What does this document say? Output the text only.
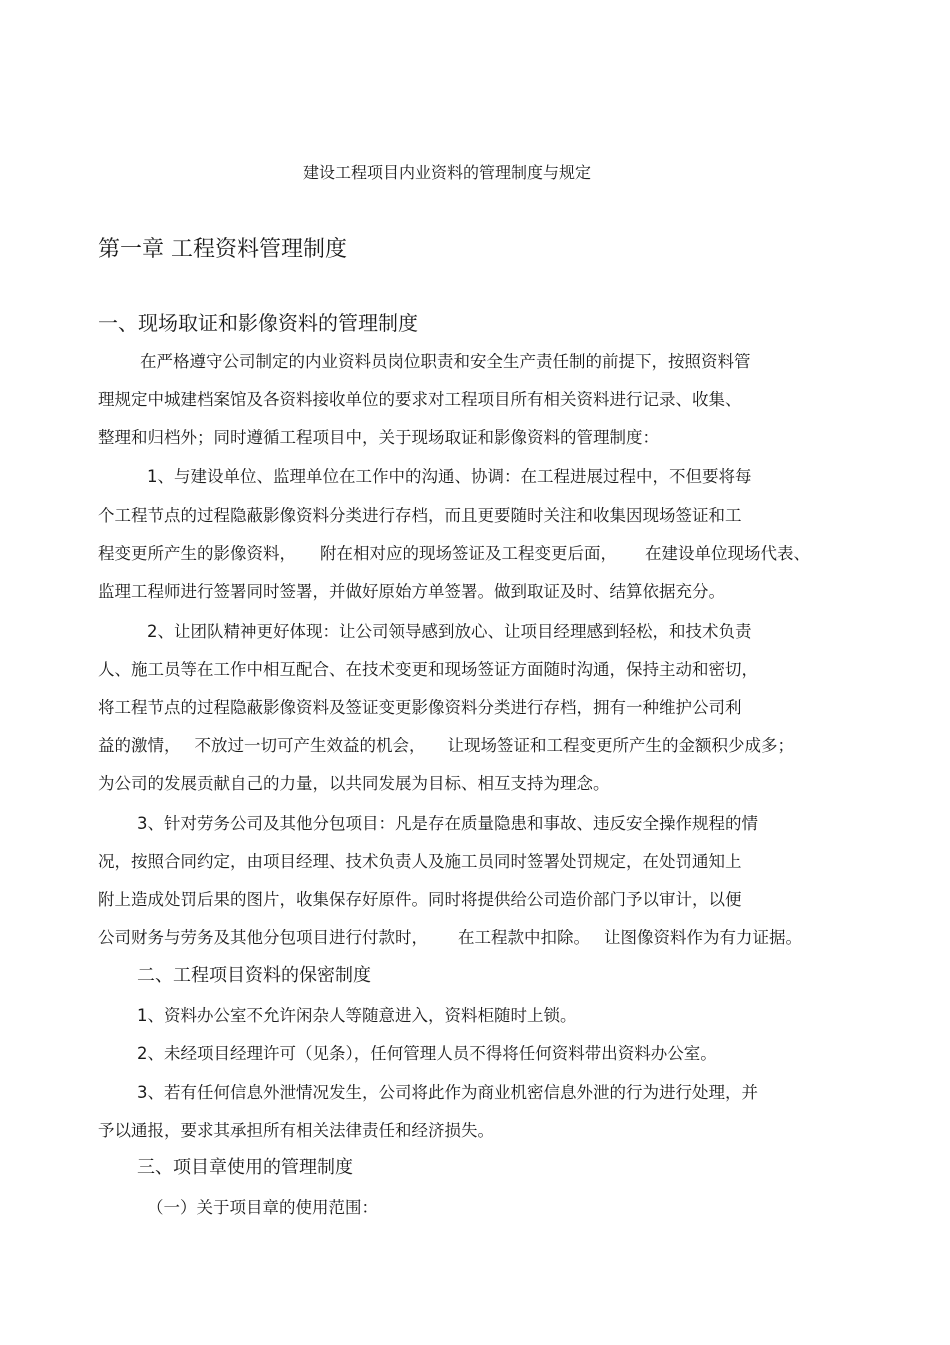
建设工程项目内业资料的管理制度与规定
第一章 工程资料管理制度
一、现场取证和影像资料的管理制度
在严格遵守公司制定的内业资料员岗位职责和安全生产责任制的前提下，按照资料管
理规定中城建档案馆及各资料接收单位的要求对工程项目所有相关资料进行记录、收集、
整理和归档外；同时遵循工程项目中，关于现场取证和影像资料的管理制度：
1、与建设单位、监理单位在工作中的沟通、协调：在工程进展过程中，不但要将每
个工程节点的过程隐蔽影像资料分类进行存档，而且更要随时关注和收集因现场签证和工
程变更所产生的影像资料， 附在相对应的现场签证及工程变更后面， 在建设单位现场代表、
监理工程师进行签署同时签署，并做好原始方单签署。做到取证及时、结算依据充分。
2、让团队精神更好体现：让公司领导感到放心、让项目经理感到轻松，和技术负责
人、施工员等在工作中相互配合、在技术变更和现场签证方面随时沟通，保持主动和密切，
将工程节点的过程隐蔽影像资料及签证变更影像资料分类进行存档，拥有一种维护公司利
益的激情， 不放过一切可产生效益的机会， 让现场签证和工程变更所产生的金额积少成多；
为公司的发展贡献自己的力量，以共同发展为目标、相互支持为理念。
3、针对劳务公司及其他分包项目：凡是存在质量隐患和事故、违反安全操作规程的情
况，按照合同约定，由项目经理、技术负责人及施工员同时签署处罚规定，在处罚通知上
附上造成处罚后果的图片，收集保存好原件。同时将提供给公司造价部门予以审计，以便
公司财务与劳务及其他分包项目进行付款时， 在工程款中扣除。 让图像资料作为有力证据。
二、工程项目资料的保密制度
1、资料办公室不允许闲杂人等随意进入，资料柜随时上锁。
2、未经项目经理许可（见条），任何管理人员不得将任何资料带出资料办公室。
3、若有任何信息外泄情况发生，公司将此作为商业机密信息外泄的行为进行处理，并
予以通报，要求其承担所有相关法律责任和经济损失。
三、项目章使用的管理制度
（一）关于项目章的使用范围：
